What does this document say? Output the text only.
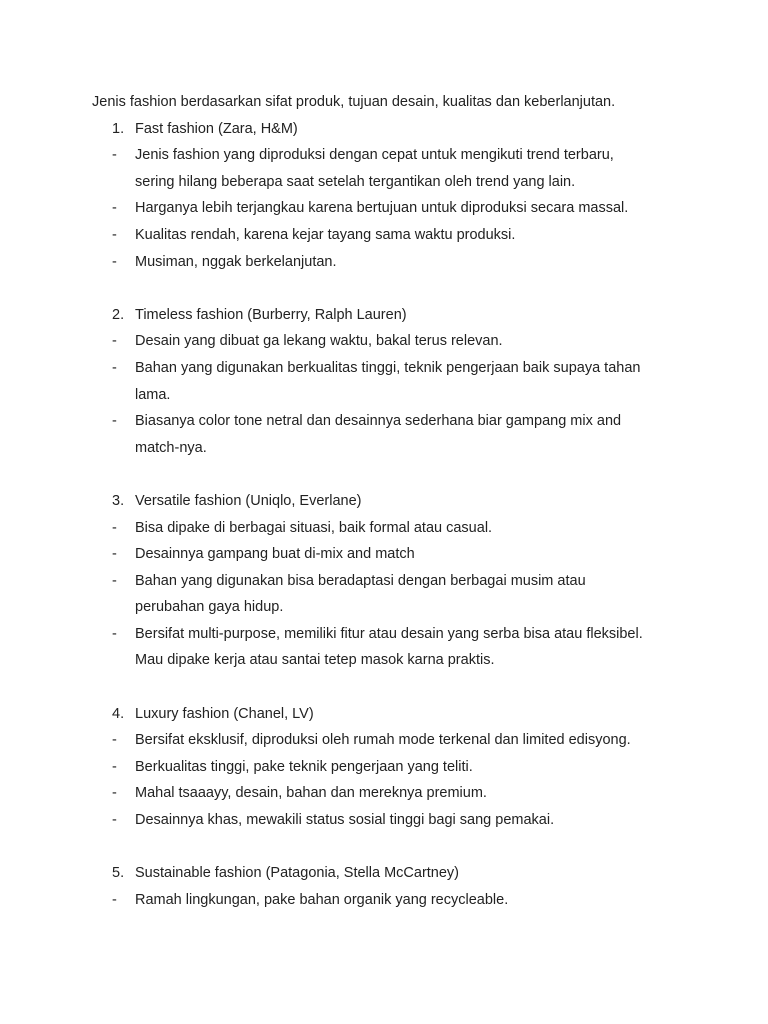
Jenis fashion berdasarkan sifat produk, tujuan desain, kualitas dan keberlanjutan.

1. Fast fashion (Zara, H&M)

- Jenis fashion yang diproduksi dengan cepat untuk mengikuti trend terbaru,
sering hilang beberapa saat setelah tergantikan oleh trend yang lain.

- Harganya lebih terjangkau karena bertujuan untuk diproduksi secara massal.

- Kualitas rendah, karena kejar tayang sama waktu produksi.

- Musiman, nggak berkelanjutan.

2. Timeless fashion (Burberry, Ralph Lauren)

- Desain yang dibuat ga lekang waktu, bakal terus relevan.

- Bahan yang digunakan berkualitas tinggi, teknik pengerjaan baik supaya tahan
lama.

- Biasanya color tone netral dan desainnya sederhana biar gampang mix and
match-nya.

3. Versatile fashion (Uniqlo, Everlane)

- Bisa dipake di berbagai situasi, baik formal atau casual.

- Desainnya gampang buat di-mix and match

- Bahan yang digunakan bisa beradaptasi dengan berbagai musim atau
perubahan gaya hidup.

- Bersifat multi-purpose, memiliki fitur atau desain yang serba bisa atau fleksibel.
Mau dipake kerja atau santai tetep masok karna praktis.

4. Luxury fashion (Chanel, LV)

- Bersifat eksklusif, diproduksi oleh rumah mode terkenal dan limited edisyong.

- Berkualitas tinggi, pake teknik pengerjaan yang teliti.

- Mahal tsaaayy, desain, bahan dan mereknya premium.

- Desainnya khas, mewakili status sosial tinggi bagi sang pemakai.

5. Sustainable fashion (Patagonia, Stella McCartney)

- Ramah lingkungan, pake bahan organik yang recycleable.
